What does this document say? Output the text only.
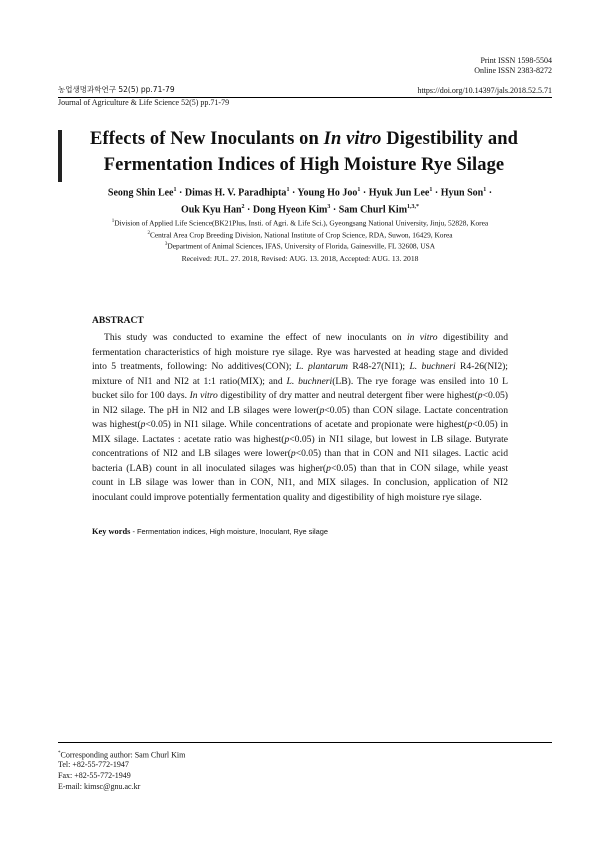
Print ISSN 1598-5504
Online ISSN 2383-8272
농업생명과학연구 52(5) pp.71-79	https://doi.org/10.14397/jals.2018.52.5.71
Journal of Agriculture & Life Science 52(5) pp.71-79
Effects of New Inoculants on In vitro Digestibility and
Fermentation Indices of High Moisture Rye Silage
Seong Shin Lee$^1$ · Dimas H. V. Paradhipta$^1$ · Young Ho Joo$^1$ · Hyuk Jun Lee$^1$ · Hyun Son$^1$ ·
Ouk Kyu Han$^2$ · Dong Hyeon Kim$^3$ · Sam Churl Kim$^{1,3,*}$
$^1$Division of Applied Life Science(BK21Plus, Insti. of Agri. & Life Sci.), Gyeongsang National University, Jinju, 52828, Korea
$^2$Central Area Crop Breeding Division, National Institute of Crop Science, RDA, Suwon, 16429, Korea
$^3$Department of Animal Sciences, IFAS, University of Florida, Gainesville, FL 32608, USA
Received: JUL. 27. 2018, Revised: AUG. 13. 2018, Accepted: AUG. 13. 2018
ABSTRACT
This study was conducted to examine the effect of new inoculants on in vitro digestibility and fermentation characteristics of high moisture rye silage. Rye was harvested at heading stage and divided into 5 treatments, following: No additives(CON); L. plantarum R48-27(NI1); L. buchneri R4-26(NI2); mixture of NI1 and NI2 at 1:1 ratio(MIX); and L. buchneri(LB). The rye forage was ensiled into 10 L bucket silo for 100 days. In vitro digestibility of dry matter and neutral detergent fiber were highest(p<0.05) in NI2 silage. The pH in NI2 and LB silages were lower(p<0.05) than CON silage. Lactate concentration was highest(p<0.05) in NI1 silage. While concentrations of acetate and propionate were highest(p<0.05) in MIX silage. Lactates : acetate ratio was highest(p<0.05) in NI1 silage, but lowest in LB silage. Butyrate concentrations of NI2 and LB silages were lower(p<0.05) than that in CON and NI1 silages. Lactic acid bacteria (LAB) count in all inoculated silages was higher(p<0.05) than that in CON silage, while yeast count in LB silage was lower than in CON, NI1, and MIX silages. In conclusion, application of NI2 inoculant could improve potentially fermentation quality and digestibility of high moisture rye silage.
Key words - Fermentation indices, High moisture, Inoculant, Rye silage
*Corresponding author: Sam Churl Kim
Tel: +82-55-772-1947
Fax: +82-55-772-1949
E-mail: kimsc@gnu.ac.kr
